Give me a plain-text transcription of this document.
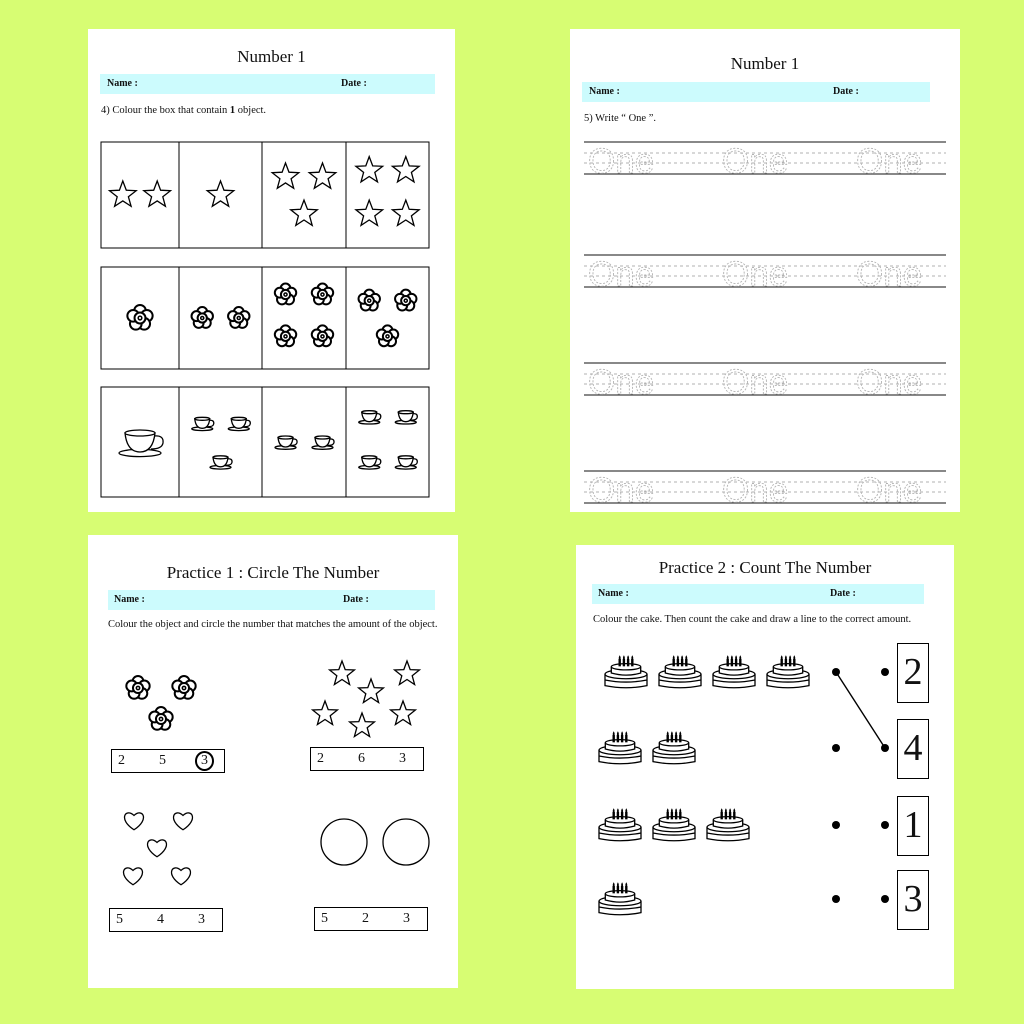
Number 1
Name :	Date :
4) Colour the box that contain 1 object.
Number 1
Name :	Date :
5) Write “ One ”.
One One One
One One One
One One One
One One One
Practice 1 : Circle The Number
Name :	Date :
Colour the object and circle the number that matches the amount of the object.
2 5	3	2 6 3
5 4 3	5 2 3
Practice 2 : Count The Number
Name :	Date :
Colour the cake. Then count the cake and draw a line to the correct amount.
2
4
1
3
